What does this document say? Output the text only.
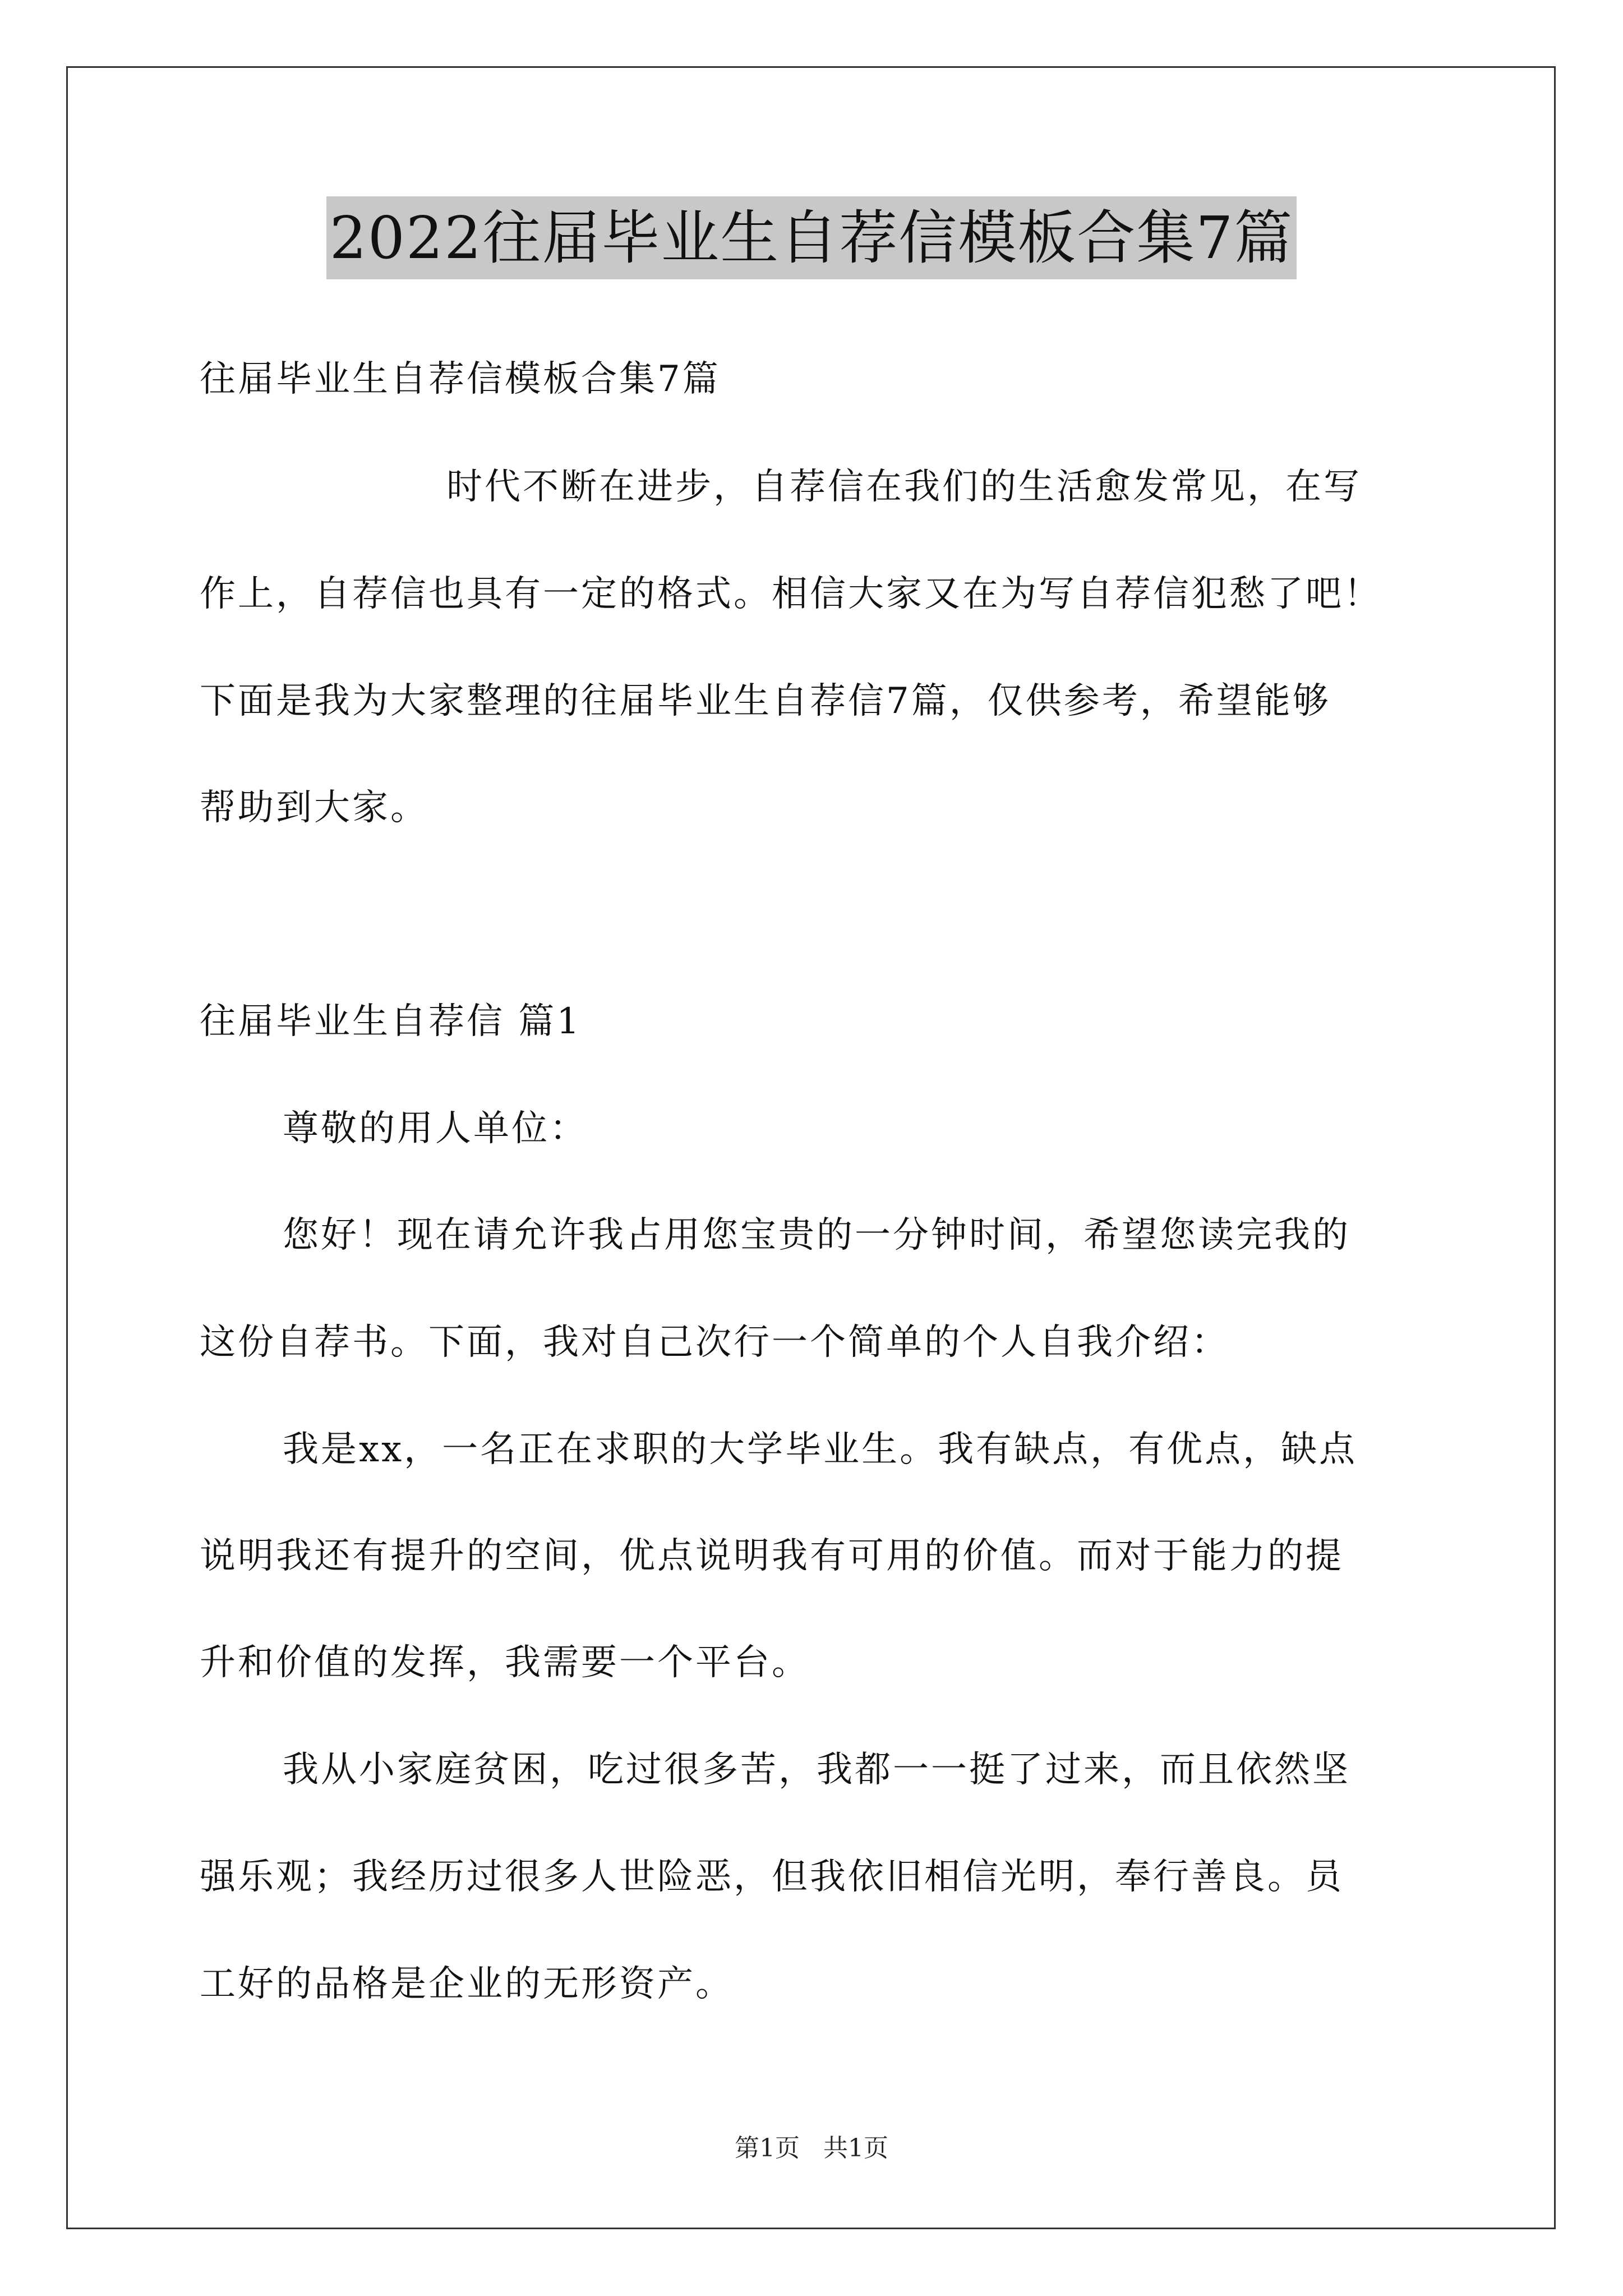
2022往届毕业生自荐信模板合集7篇
往届毕业生自荐信模板合集7篇
时代不断在进步，自荐信在我们的生活愈发常见，在写
作上，自荐信也具有一定的格式。相信大家又在为写自荐信犯愁了吧！
下面是我为大家整理的往届毕业生自荐信7篇，仅供参考，希望能够
帮助到大家。
往届毕业生自荐信 篇1
尊敬的用人单位：
您好！现在请允许我占用您宝贵的一分钟时间，希望您读完我的
这份自荐书。下面，我对自己次行一个简单的个人自我介绍：
我是xx，一名正在求职的大学毕业生。我有缺点，有优点，缺点
说明我还有提升的空间，优点说明我有可用的价值。而对于能力的提
升和价值的发挥，我需要一个平台。
我从小家庭贫困，吃过很多苦，我都一一挺了过来，而且依然坚
强乐观；我经历过很多人世险恶，但我依旧相信光明，奉行善良。员
工好的品格是企业的无形资产。
第1页 共1页
